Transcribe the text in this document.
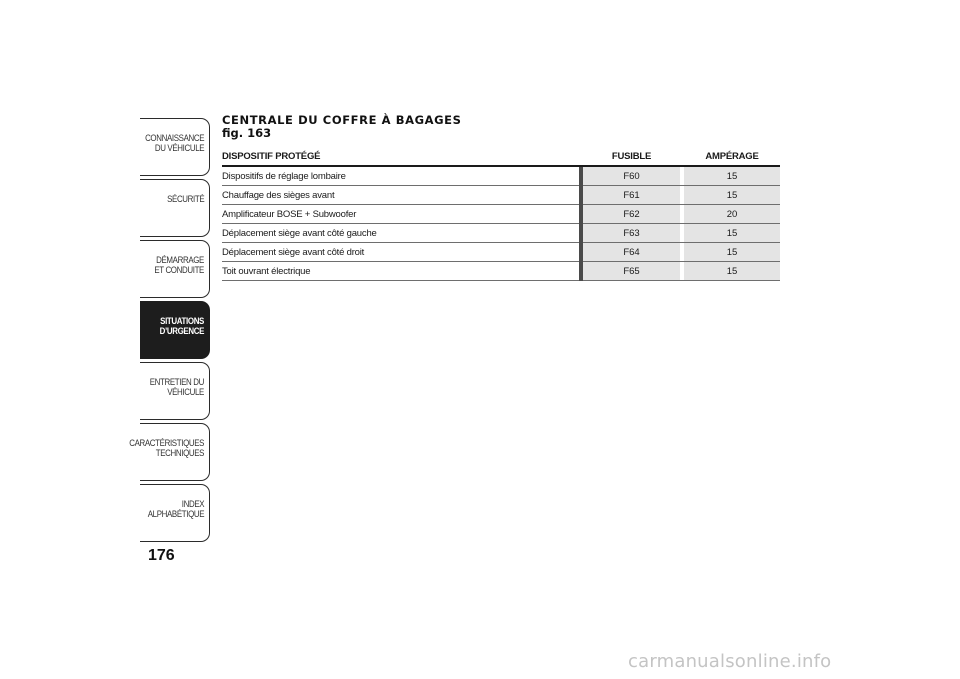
CONNAISSANCE DU VÉHICULE
SÉCURITÉ
DÉMARRAGE ET CONDUITE
SITUATIONS D’URGENCE
ENTRETIEN DU VÉHICULE
CARACTÉRISTIQUES TECHNIQUES
INDEX ALPHABÉTIQUE
176
CENTRALE DU COFFRE À BAGAGES
fig. 163
DISPOSITIF PROTÉGÉ		FUSIBLE		AMPÉRAGE
Dispositifs de réglage lombaire		F60		15
Chauffage des sièges avant		F61		15
Amplificateur BOSE + Subwoofer		F62		20
Déplacement siège avant côté gauche		F63		15
Déplacement siège avant côté droit		F64		15
Toit ouvrant électrique		F65		15
carmanualsonline.info
